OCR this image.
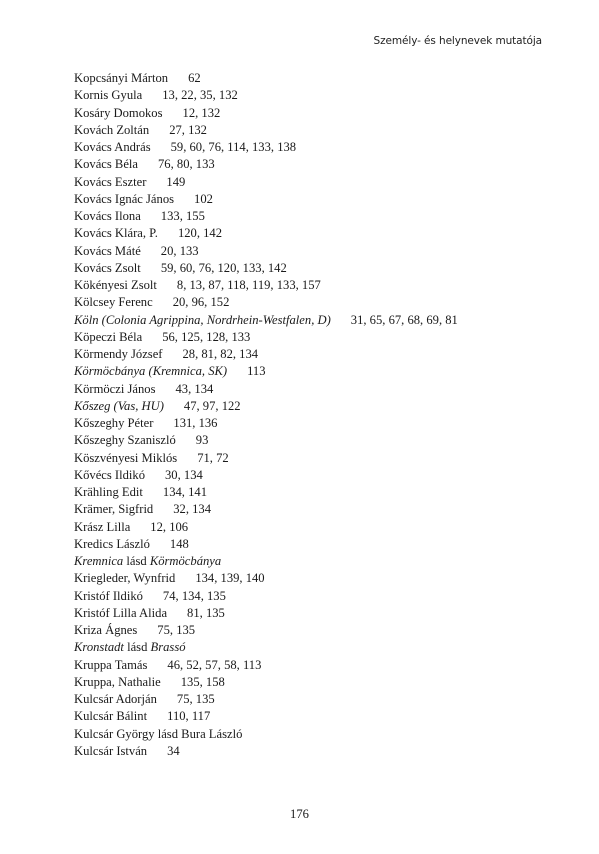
Személy- és helynevek mutatója
Kopcsányi Márton 62
Kornis Gyula 13, 22, 35, 132
Kosáry Domokos 12, 132
Kovách Zoltán 27, 132
Kovács András 59, 60, 76, 114, 133, 138
Kovács Béla 76, 80, 133
Kovács Eszter 149
Kovács Ignác János 102
Kovács Ilona 133, 155
Kovács Klára, P. 120, 142
Kovács Máté 20, 133
Kovács Zsolt 59, 60, 76, 120, 133, 142
Kökényesi Zsolt 8, 13, 87, 118, 119, 133, 157
Kölcsey Ferenc 20, 96, 152
Köln (Colonia Agrippina, Nordrhein-Westfalen, D) 31, 65, 67, 68, 69, 81
Köpeczi Béla 56, 125, 128, 133
Körmendy József 28, 81, 82, 134
Körmöcbánya (Kremnica, SK) 113
Körmöczi János 43, 134
Kőszeg (Vas, HU) 47, 97, 122
Kőszeghy Péter 131, 136
Kőszeghy Szaniszló 93
Köszvényesi Miklós 71, 72
Kővécs Ildikó 30, 134
Krähling Edit 134, 141
Krämer, Sigfrid 32, 134
Krász Lilla 12, 106
Kredics László 148
Kremnica lásd Körmöcbánya
Kriegleder, Wynfrid 134, 139, 140
Kristóf Ildikó 74, 134, 135
Kristóf Lilla Alida 81, 135
Kriza Ágnes 75, 135
Kronstadt lásd Brassó
Kruppa Tamás 46, 52, 57, 58, 113
Kruppa, Nathalie 135, 158
Kulcsár Adorján 75, 135
Kulcsár Bálint 110, 117
Kulcsár György lásd Bura László
Kulcsár István 34
176
